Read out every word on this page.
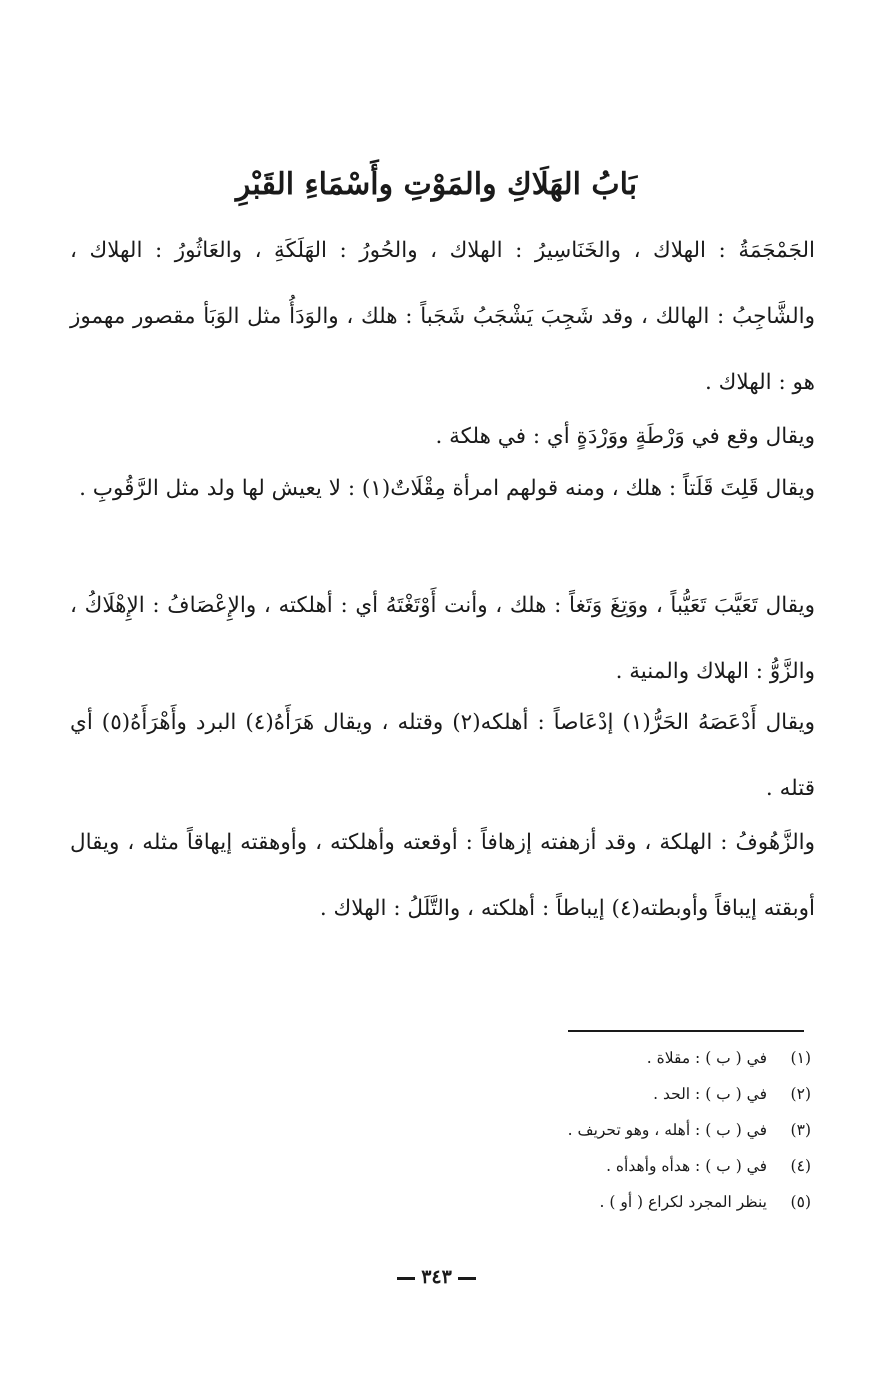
بَابُ الهَلَاكِ والمَوْتِ وأَسْمَاءِ القَبْرِ

الجَمْجَمَةُ : الهلاك ، والخَنَاسِيرُ : الهلاك ، والحُورُ : الهَلَكَةِ ، والعَاثُورُ : الهلاك ، والشَّاجِبُ : الهالك ، وقد شَجِبَ يَشْجَبُ شَجَباً : هلك ، والوَدَأُ مثل الوَبَأ مقصور مهموز هو : الهلاك .

ويقال وقع في وَرْطَةٍ ووَرْدَةٍ أي : في هلكة .

ويقال قَلِتَ قَلَتاً : هلك ، ومنه قولهم امرأة مِقْلَاتٌ(١) : لا يعيش لها ولد مثل الرَّقُوبِ .

ويقال تَعَيَّبَ تَعَيُّباً ، ووَتِغَ وَتَغاً : هلك ، وأنت أَوْتَغْتَهُ أي : أهلكته ، والإِعْصَافُ : الإِهْلَاكُ ، والزَّوُّ : الهلاك والمنية .

ويقال أَدْعَصَهُ الحَرُّ(١) إدْعَاصاً : أهلكه(٢) وقتله ، ويقال هَرَأَهُ(٤) البرد وأَهْرَأَهُ(٥) أي قتله .

والزَّهُوفُ : الهلكة ، وقد أزهفته إزهافاً : أوقعته وأهلكته ، وأوهقته إيهاقاً مثله ، ويقال أوبقته إيباقاً وأوبطته(٤) إيباطاً : أهلكته ، والتَّلَلُ : الهلاك .

(١)
في ( ب ) : مقلاة .
(٢)
في ( ب ) : الحد .
(٣)
في ( ب ) : أهله ، وهو تحريف .
(٤)
في ( ب ) : هدأه وأهدأه .
(٥)
ينظر المجرد لكراع ( أو ) .
٣٤٣
